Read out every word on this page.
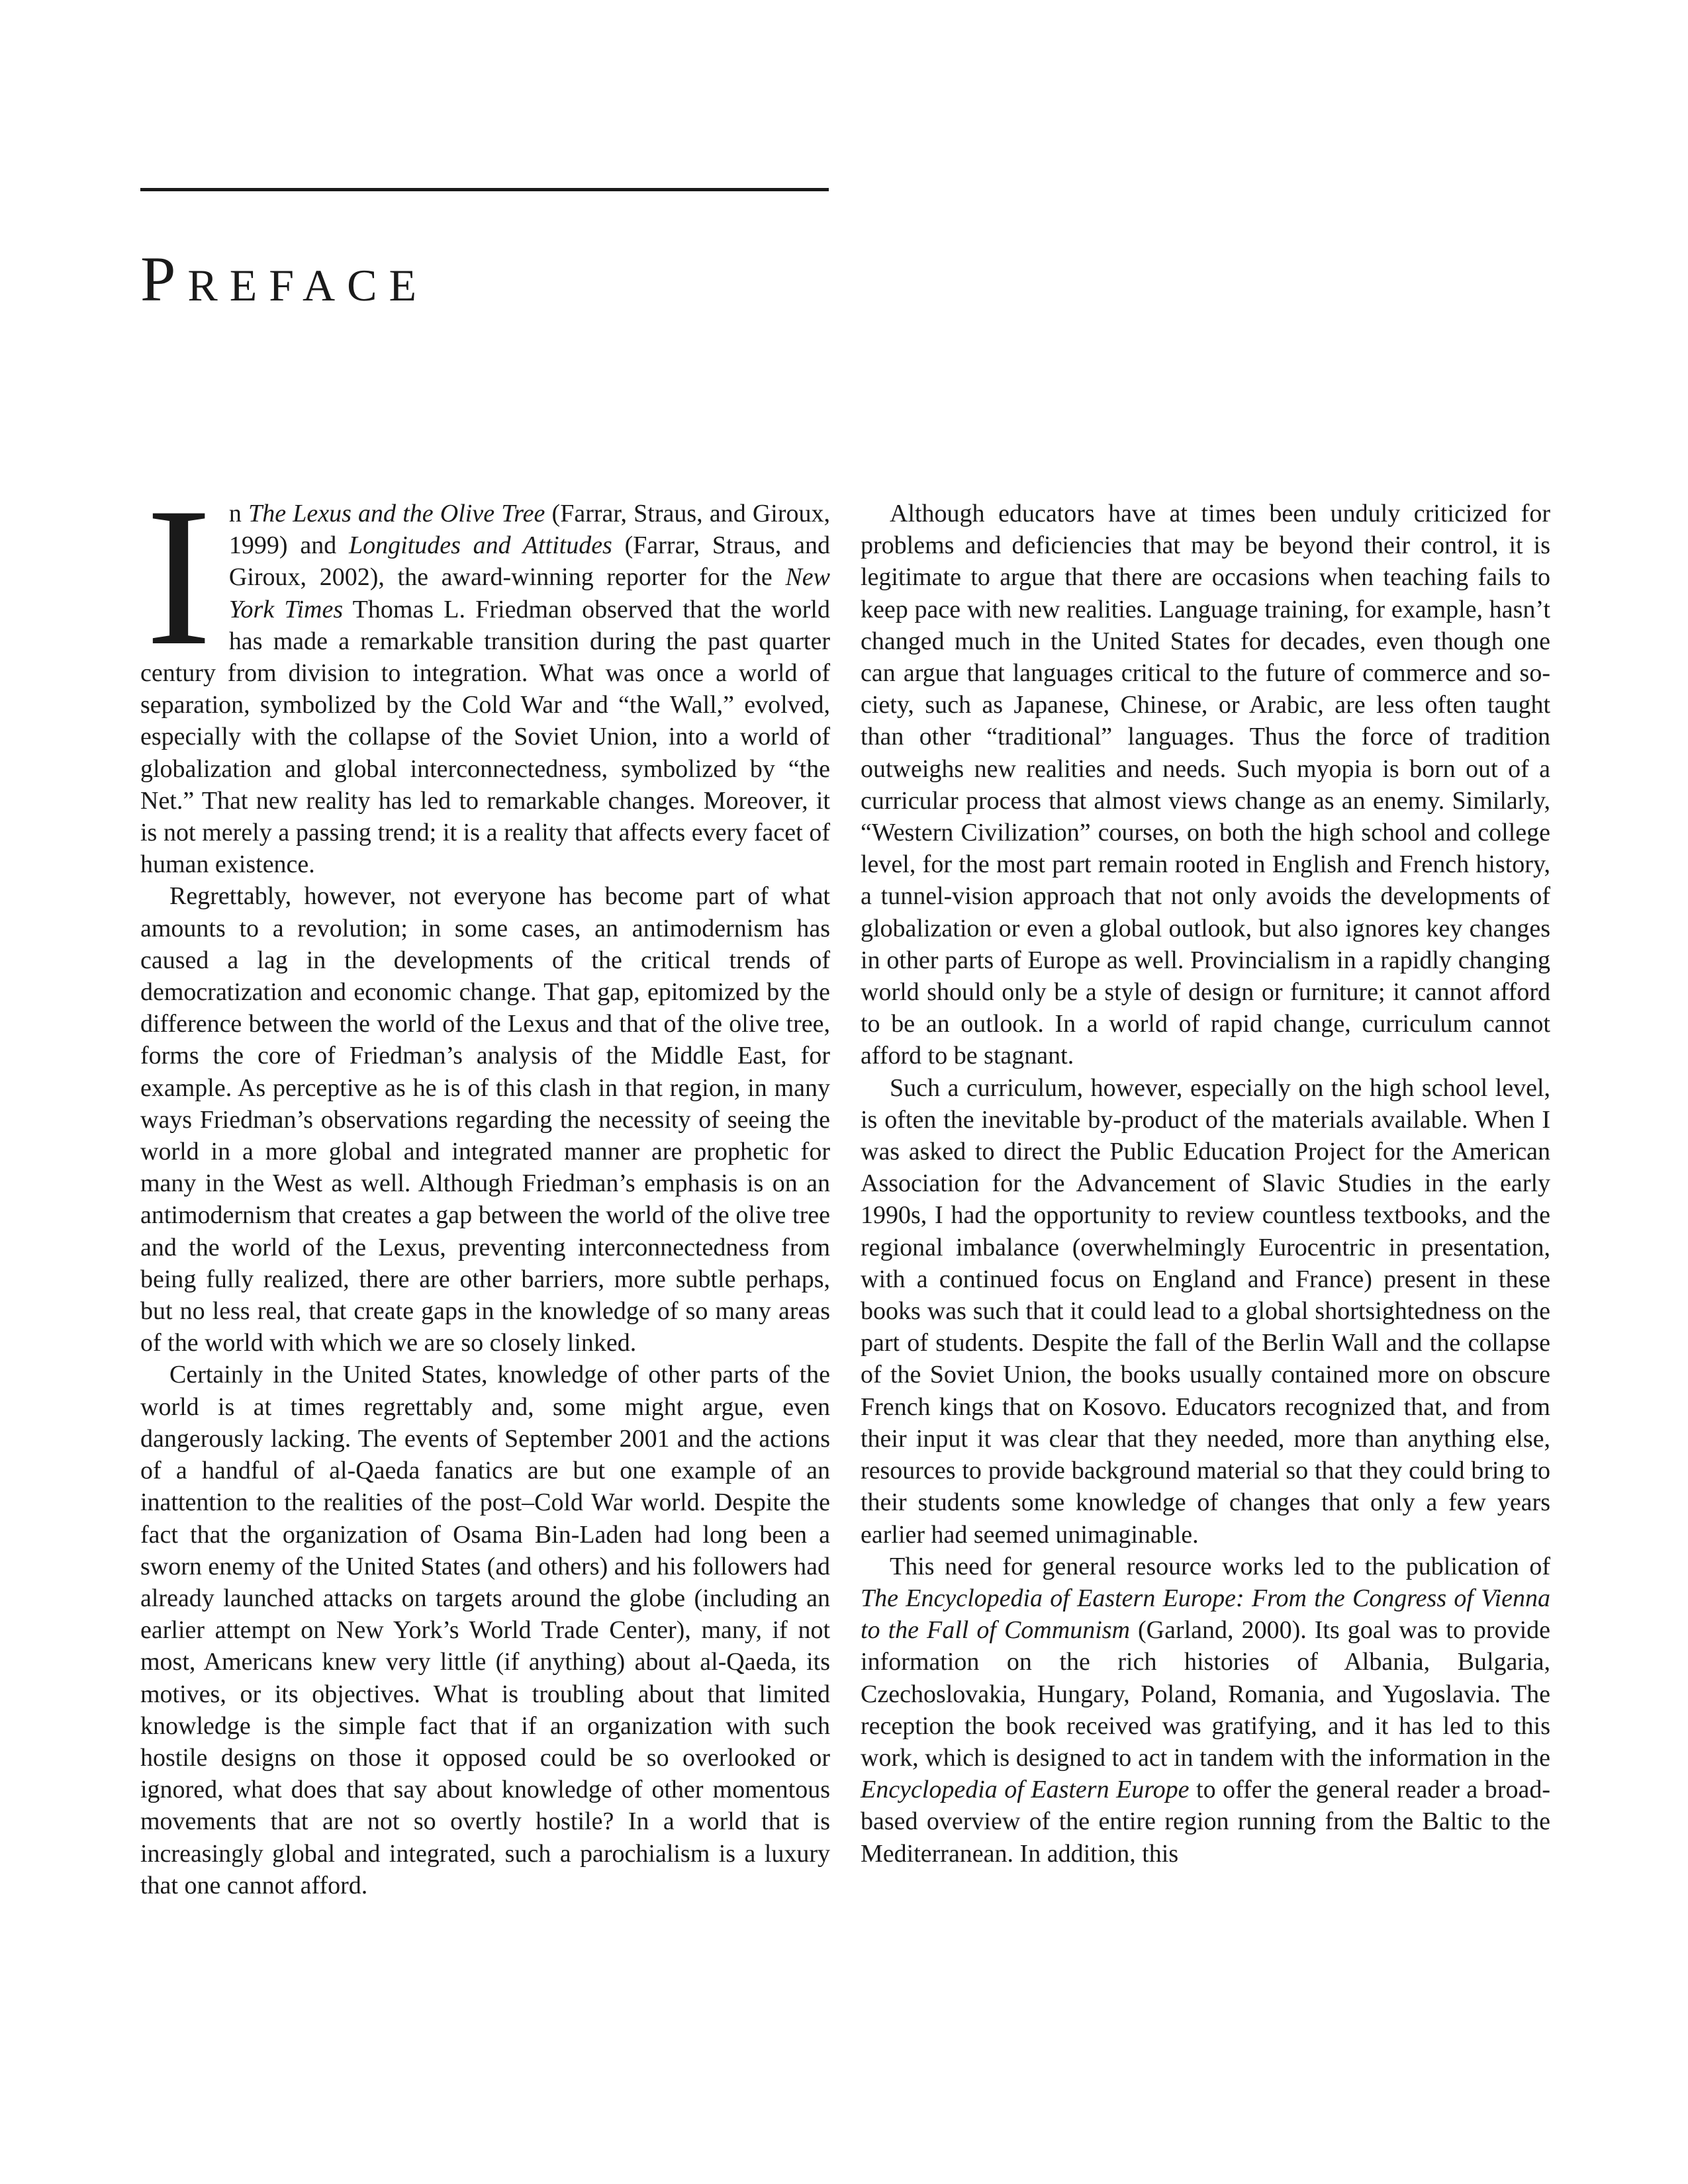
PREFACE

In The Lexus and the Olive Tree (Farrar, Straus, and Giroux, 1999) and Longitudes and Attitudes (Farrar, Straus, and Giroux, 2002), the award-winning reporter for the New York Times Thomas L. Friedman observed that the world has made a remarkable transition during the past quarter century from division to integration. What was once a world of separation, symbolized by the Cold War and “the Wall,” evolved, especially with the collapse of the Soviet Union, into a world of globalization and global interconnectedness, symbolized by “the Net.” That new reality has led to remarkable changes. Moreover, it is not merely a passing trend; it is a reality that affects every facet of human existence.

Regrettably, however, not everyone has become part of what amounts to a revolution; in some cases, an antimodernism has caused a lag in the developments of the critical trends of democratization and economic change. That gap, epitomized by the difference between the world of the Lexus and that of the olive tree, forms the core of Friedman’s analysis of the Middle East, for example. As perceptive as he is of this clash in that region, in many ways Friedman’s observations regarding the necessity of seeing the world in a more global and integrated manner are prophetic for many in the West as well. Although Friedman’s emphasis is on an antimodernism that creates a gap between the world of the olive tree and the world of the Lexus, preventing interconnectedness from being fully realized, there are other barriers, more subtle perhaps, but no less real, that create gaps in the knowledge of so many areas of the world with which we are so closely linked.

Certainly in the United States, knowledge of other parts of the world is at times regrettably and, some might argue, even dangerously lacking. The events of September 2001 and the actions of a handful of al-Qaeda fanatics are but one example of an inattention to the realities of the post–Cold War world. Despite the fact that the organization of Osama Bin-Laden had long been a sworn enemy of the United States (and others) and his followers had already launched attacks on targets around the globe (including an earlier attempt on New York’s World Trade Center), many, if not most, Americans knew very little (if anything) about al-Qaeda, its motives, or its objectives. What is troubling about that limited knowledge is the simple fact that if an organization with such hostile designs on those it opposed could be so overlooked or ignored, what does that say about knowledge of other momentous movements that are not so overtly hostile? In a world that is increasingly global and integrated, such a parochialism is a luxury that one cannot afford.

Although educators have at times been unduly criticized for problems and deficiencies that may be beyond their control, it is legitimate to argue that there are occasions when teaching fails to keep pace with new realities. Language training, for example, hasn’t changed much in the United States for decades, even though one can argue that languages critical to the future of commerce and society, such as Japanese, Chinese, or Arabic, are less often taught than other “traditional” languages. Thus the force of tradition outweighs new realities and needs. Such myopia is born out of a curricular process that almost views change as an enemy. Similarly, “Western Civilization” courses, on both the high school and college level, for the most part remain rooted in English and French history, a tunnel-vision approach that not only avoids the developments of globalization or even a global outlook, but also ignores key changes in other parts of Europe as well. Provincialism in a rapidly changing world should only be a style of design or furniture; it cannot afford to be an outlook. In a world of rapid change, curriculum cannot afford to be stagnant.

Such a curriculum, however, especially on the high school level, is often the inevitable by-product of the materials available. When I was asked to direct the Public Education Project for the American Association for the Advancement of Slavic Studies in the early 1990s, I had the opportunity to review countless textbooks, and the regional imbalance (overwhelmingly Eurocentric in presentation, with a continued focus on England and France) present in these books was such that it could lead to a global shortsightedness on the part of students. Despite the fall of the Berlin Wall and the collapse of the Soviet Union, the books usually contained more on obscure French kings that on Kosovo. Educators recognized that, and from their input it was clear that they needed, more than anything else, resources to provide background material so that they could bring to their students some knowledge of changes that only a few years earlier had seemed unimaginable.

This need for general resource works led to the publication of The Encyclopedia of Eastern Europe: From the Congress of Vienna to the Fall of Communism (Garland, 2000). Its goal was to provide information on the rich histories of Albania, Bulgaria, Czechoslovakia, Hungary, Poland, Romania, and Yugoslavia. The reception the book received was gratifying, and it has led to this work, which is designed to act in tandem with the information in the Encyclopedia of Eastern Europe to offer the general reader a broad-based overview of the entire region running from the Baltic to the Mediterranean. In addition, this
